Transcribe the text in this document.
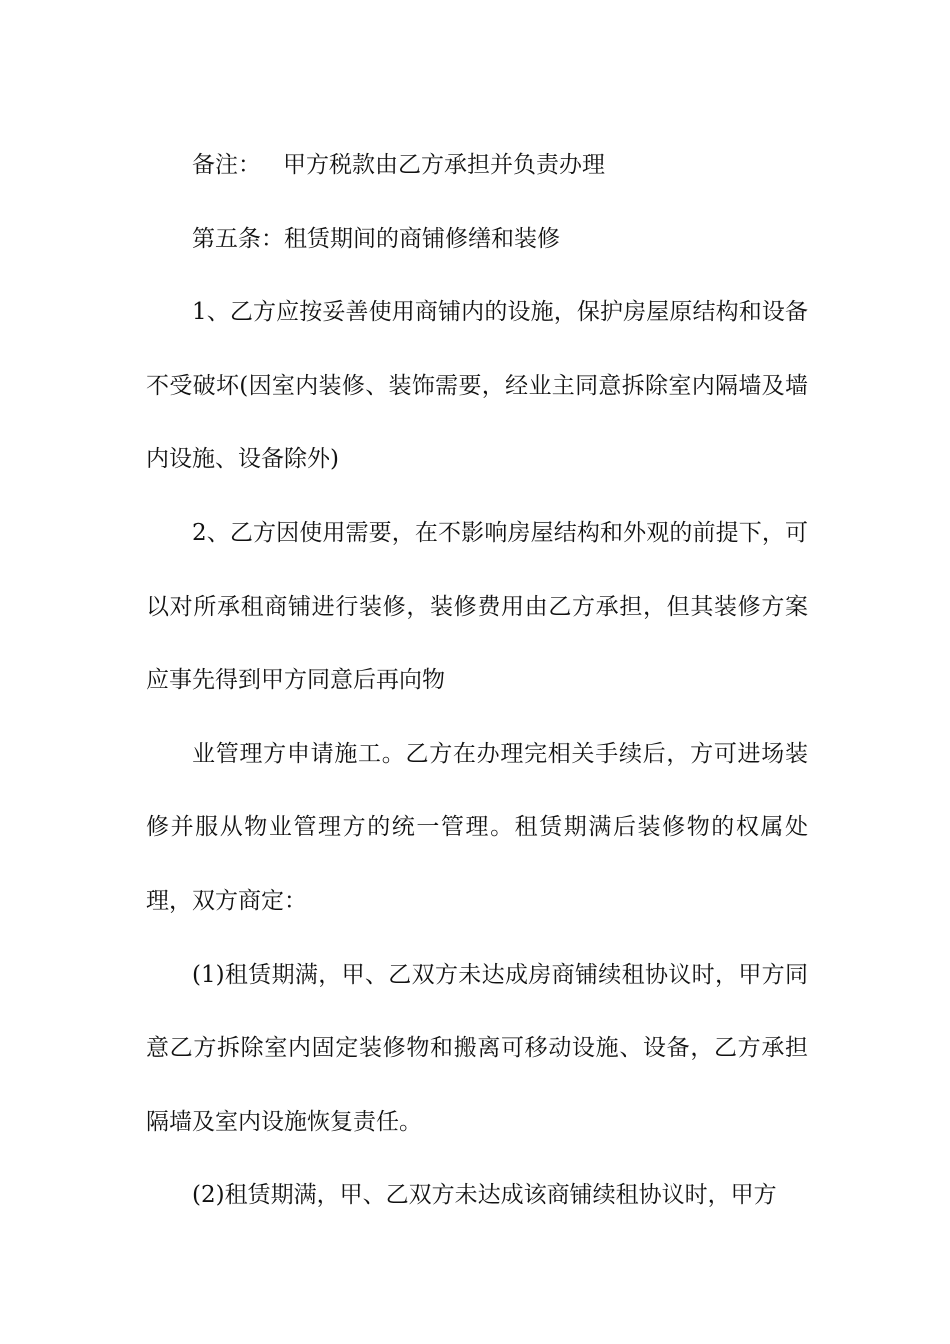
备注： 甲方税款由乙方承担并负责办理

第五条：租赁期间的商铺修缮和装修

1、乙方应按妥善使用商铺内的设施，保护房屋原结构和设备不受破坏(因室内装修、装饰需要，经业主同意拆除室内隔墙及墙内设施、设备除外)

2、乙方因使用需要，在不影响房屋结构和外观的前提下，可以对所承租商铺进行装修，装修费用由乙方承担，但其装修方案应事先得到甲方同意后再向物

业管理方申请施工。乙方在办理完相关手续后，方可进场装修并服从物业管理方的统一管理。租赁期满后装修物的权属处理，双方商定：

(1)租赁期满，甲、乙双方未达成房商铺续租协议时，甲方同意乙方拆除室内固定装修物和搬离可移动设施、设备，乙方承担隔墙及室内设施恢复责任。

(2)租赁期满，甲、乙双方未达成该商铺续租协议时，甲方
